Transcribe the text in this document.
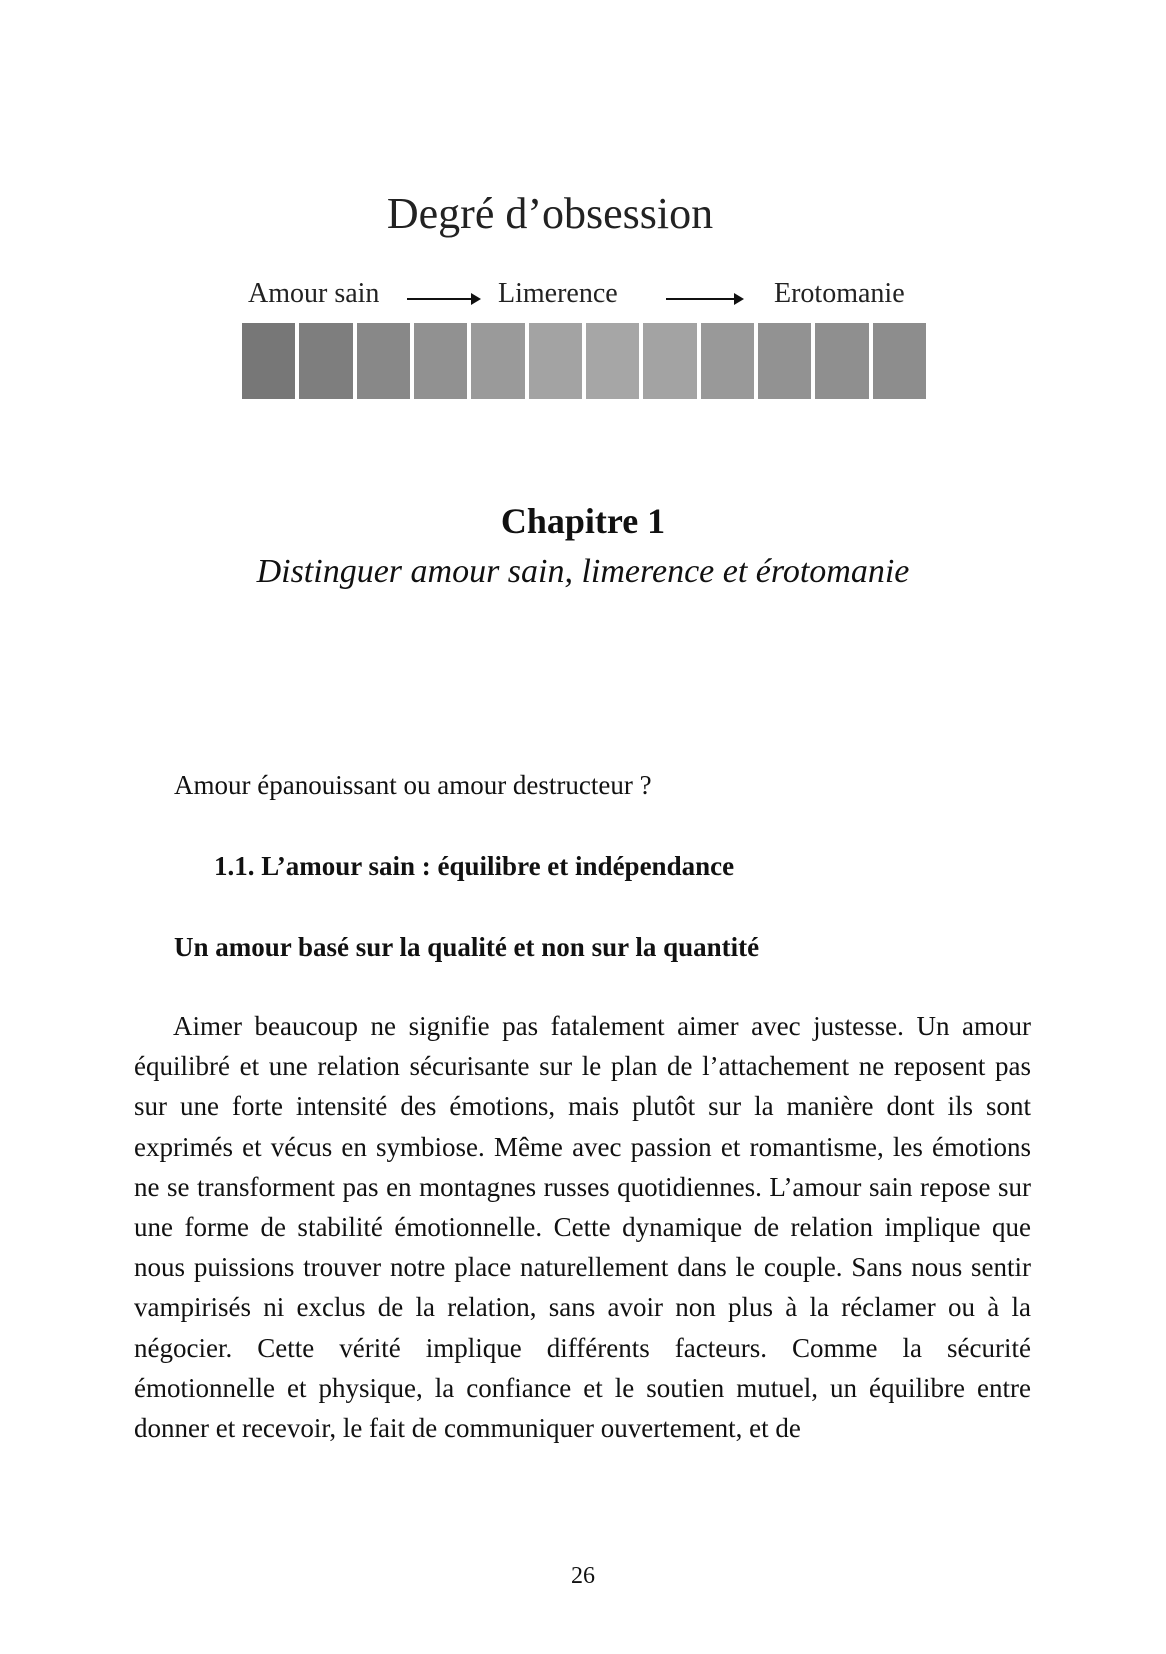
Degré d’obsession
Amour sain	Limerence	Erotomanie
Chapitre 1
Distinguer amour sain, limerence et érotomanie
Amour épanouissant ou amour destructeur ?
1.1. L’amour sain : équilibre et indépendance
Un amour basé sur la qualité et non sur la quantité
Aimer beaucoup ne signifie pas fatalement aimer avec justesse. Un amour équilibré et une relation sécurisante sur le plan de l’attachement ne reposent pas sur une forte intensité des émotions, mais plutôt sur la manière dont ils sont exprimés et vécus en symbiose. Même avec passion et romantisme, les émotions ne se transforment pas en montagnes russes quotidiennes. L’amour sain repose sur une forme de stabilité émotionnelle. Cette dynamique de relation implique que nous puissions trouver notre place naturellement dans le couple. Sans nous sentir vampirisés ni exclus de la relation, sans avoir non plus à la réclamer ou à la négocier. Cette vérité implique différents facteurs. Comme la sécurité émotionnelle et physique, la confiance et le soutien mutuel, un équilibre entre donner et recevoir, le fait de communiquer ouvertement, et de
26
